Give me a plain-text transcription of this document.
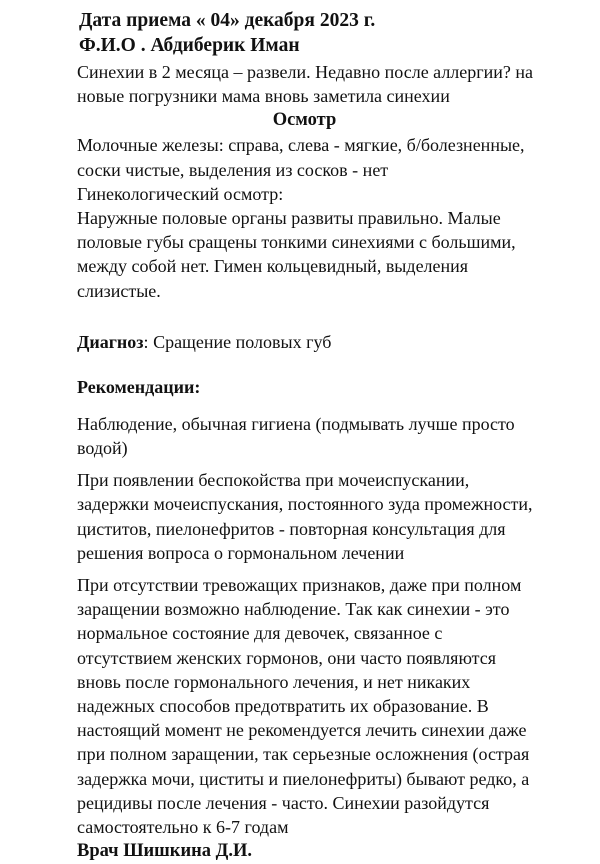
Дата приема « 04» декабря 2023 г.
Ф.И.О . Абдиберик Иман

Синехии в 2 месяца – развели. Недавно после аллергии? на новые погрузники мама вновь заметила синехии

Осмотр

Молочные железы: справа, слева - мягкие, б/болезненные,

соски чистые, выделения из сосков - нет

Гинекологический осмотр:

Наружные половые органы развиты правильно. Малые половые губы сращены тонкими синехиями с большими, между собой нет. Гимен кольцевидный, выделения слизистые.

Диагноз: Сращение половых губ

Рекомендации:

Наблюдение, обычная гигиена (подмывать лучше просто водой)

При появлении беспокойства при мочеиспускании, задержки мочеиспускания, постоянного зуда промежности, циститов, пиелонефритов - повторная консультация для решения вопроса о гормональном лечении

При отсутствии тревожащих признаков, даже при полном заращении возможно наблюдение. Так как синехии - это нормальное состояние для девочек, связанное с отсутствием женских гормонов, они часто появляются вновь после гормонального лечения, и нет никаких надежных способов предотвратить их образование. В настоящий момент не рекомендуется лечить синехии даже при полном заращении, так серьезные осложнения (острая задержка мочи, циститы и пиелонефриты) бывают редко, а рецидивы после лечения - часто. Синехии разойдутся самостоятельно к 6-7 годам

Врач Шишкина Д.И.
